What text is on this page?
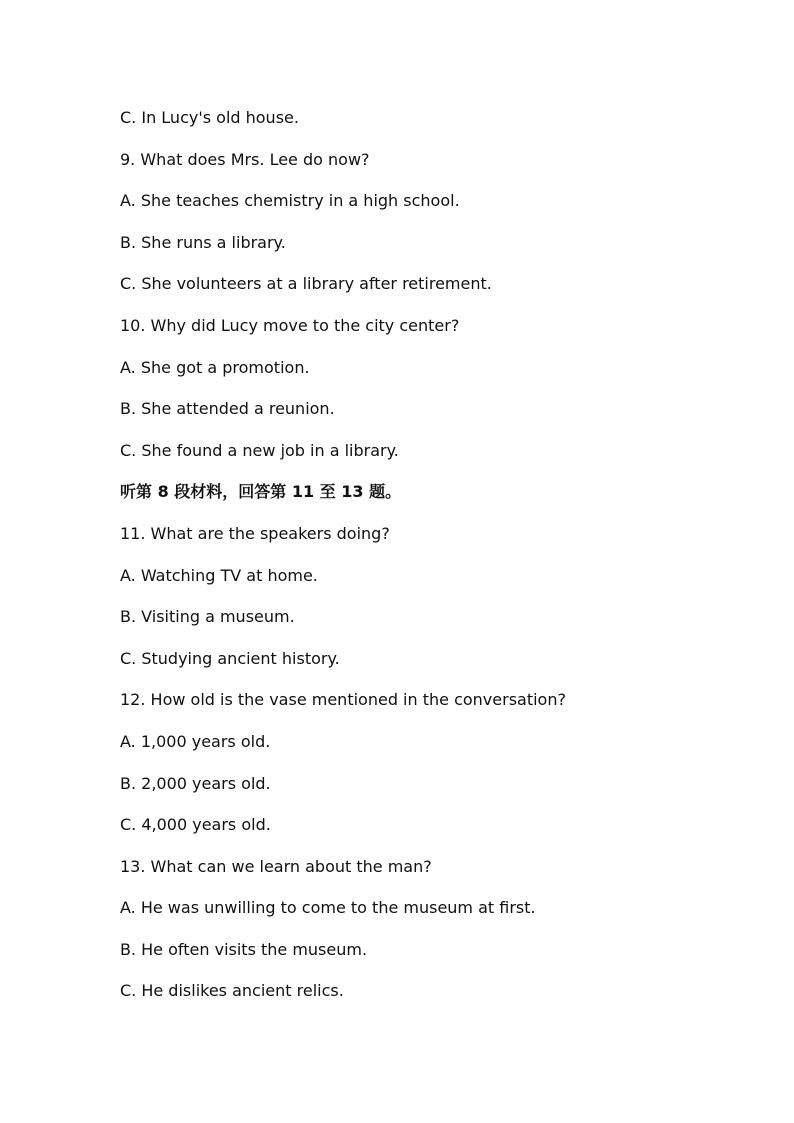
C. In Lucy's old house.
9. What does Mrs. Lee do now?
A. She teaches chemistry in a high school.
B. She runs a library.
C. She volunteers at a library after retirement.
10. Why did Lucy move to the city center?
A. She got a promotion.
B. She attended a reunion.
C. She found a new job in a library.
听第 8 段材料，回答第 11 至 13 题。
11. What are the speakers doing?
A. Watching TV at home.
B. Visiting a museum.
C. Studying ancient history.
12. How old is the vase mentioned in the conversation?
A. 1,000 years old.
B. 2,000 years old.
C. 4,000 years old.
13. What can we learn about the man?
A. He was unwilling to come to the museum at first.
B. He often visits the museum.
C. He dislikes ancient relics.
